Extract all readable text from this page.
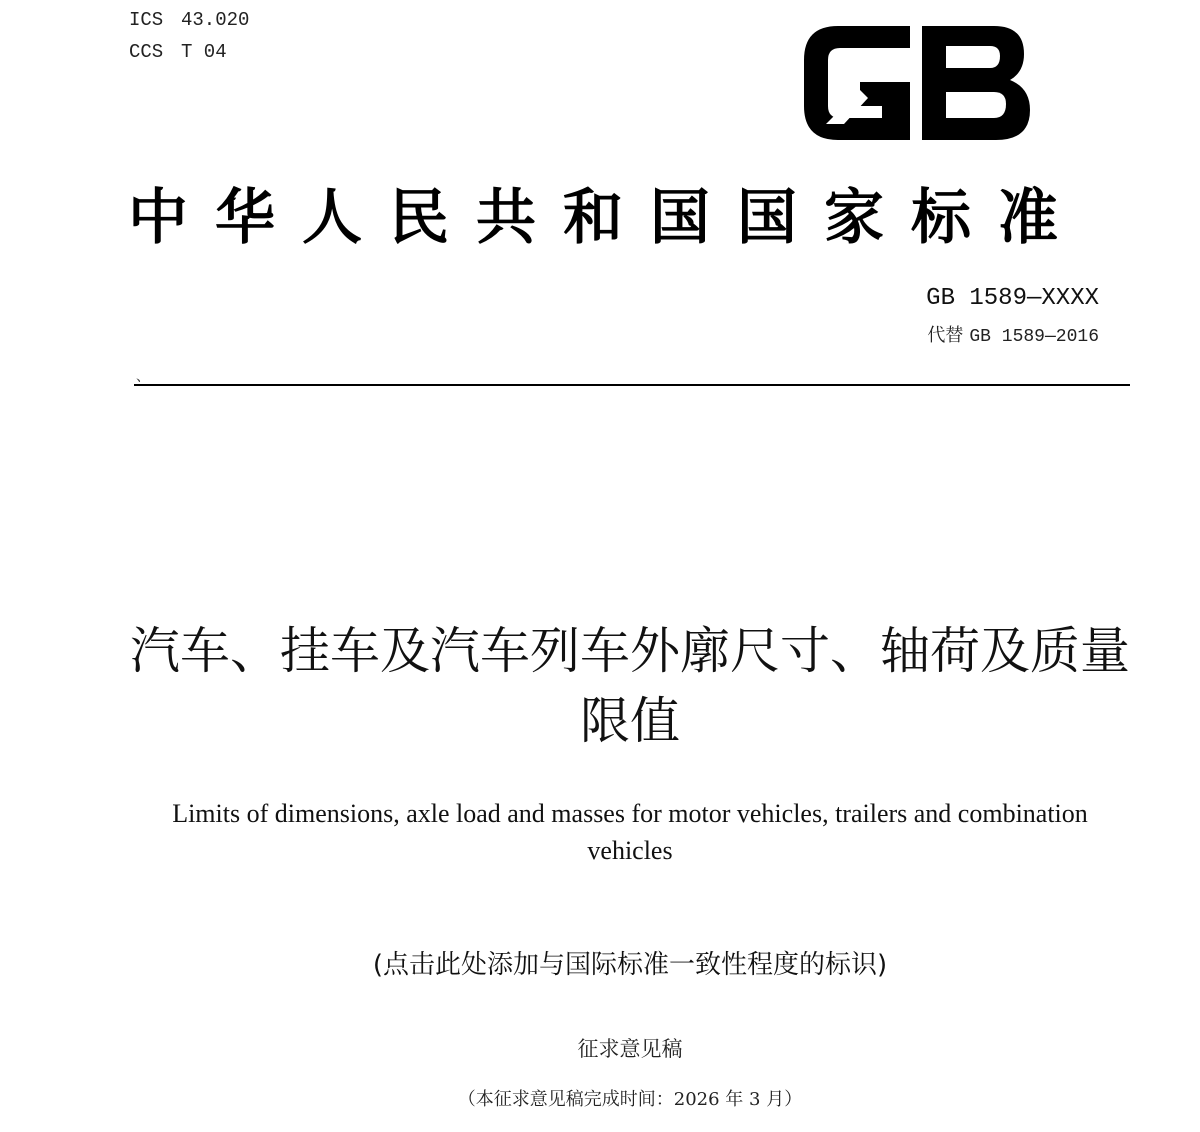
ICS 43.020
CCS T 04
中华人民共和国国家标准
GB 1589—XXXX
代替 GB 1589—2016
、
汽车、挂车及汽车列车外廓尺寸、轴荷及质量限值
Limits of dimensions, axle load and masses for motor vehicles, trailers and combination vehicles
(点击此处添加与国际标准一致性程度的标识)
征求意见稿
（本征求意见稿完成时间：2026 年 3 月）
